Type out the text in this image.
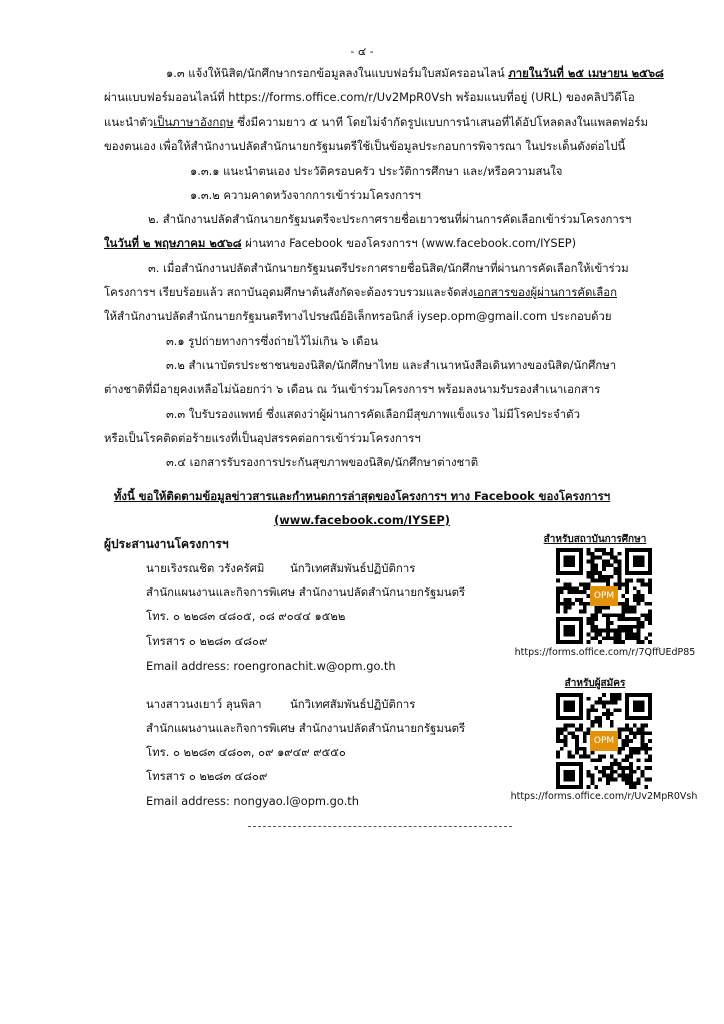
- ๔ -
๑.๓ แจ้งให้นิสิต/นักศึกษากรอกข้อมูลลงในแบบฟอร์มใบสมัครออนไลน์ ภายในวันที่ ๒๕ เมษายน ๒๕๖๘
ผ่านแบบฟอร์มออนไลน์ที่ https://forms.office.com/r/Uv2MpR0Vsh พร้อมแนบที่อยู่ (URL) ของคลิปวิดีโอ
แนะนำตัวเป็นภาษาอังกฤษ ซึ่งมีความยาว ๕ นาที โดยไม่จำกัดรูปแบบการนำเสนอที่ได้อัปโหลดลงในแพลตฟอร์ม
ของตนเอง เพื่อให้สำนักงานปลัดสำนักนายกรัฐมนตรีใช้เป็นข้อมูลประกอบการพิจารณา ในประเด็นดังต่อไปนี้
๑.๓.๑ แนะนำตนเอง ประวัติครอบครัว ประวัติการศึกษา และ/หรือความสนใจ
๑.๓.๒ ความคาดหวังจากการเข้าร่วมโครงการฯ
๒. สำนักงานปลัดสำนักนายกรัฐมนตรีจะประกาศรายชื่อเยาวชนที่ผ่านการคัดเลือกเข้าร่วมโครงการฯ
ในวันที่ ๒ พฤษภาคม ๒๕๖๘ ผ่านทาง Facebook ของโครงการฯ (www.facebook.com/IYSEP)
๓. เมื่อสำนักงานปลัดสำนักนายกรัฐมนตรีประกาศรายชื่อนิสิต/นักศึกษาที่ผ่านการคัดเลือกให้เข้าร่วม
โครงการฯ เรียบร้อยแล้ว สถาบันอุดมศึกษาต้นสังกัดจะต้องรวบรวมและจัดส่งเอกสารของผู้ผ่านการคัดเลือก
ให้สำนักงานปลัดสำนักนายกรัฐมนตรีทางไปรษณีย์อิเล็กทรอนิกส์ iysep.opm@gmail.com ประกอบด้วย
๓.๑ รูปถ่ายทางการซึ่งถ่ายไว้ไม่เกิน ๖ เดือน
๓.๒ สำเนาบัตรประชาชนของนิสิต/นักศึกษาไทย และสำเนาหนังสือเดินทางของนิสิต/นักศึกษา
ต่างชาติที่มีอายุคงเหลือไม่น้อยกว่า ๖ เดือน ณ วันเข้าร่วมโครงการฯ พร้อมลงนามรับรองสำเนาเอกสาร
๓.๓ ใบรับรองแพทย์ ซึ่งแสดงว่าผู้ผ่านการคัดเลือกมีสุขภาพแข็งแรง ไม่มีโรคประจำตัว
หรือเป็นโรคติดต่อร้ายแรงที่เป็นอุปสรรคต่อการเข้าร่วมโครงการฯ
๓.๔ เอกสารรับรองการประกันสุขภาพของนิสิต/นักศึกษาต่างชาติ
ทั้งนี้ ขอให้ติดตามข้อมูลข่าวสารและกำหนดการล่าสุดของโครงการฯ ทาง Facebook ของโครงการฯ
(www.facebook.com/IYSEP)
ผู้ประสานงานโครงการฯ
นายเริงรณชิต วรังครัศมิ นักวิเทศสัมพันธ์ปฏิบัติการ
สำนักแผนงานและกิจการพิเศษ สำนักงานปลัดสำนักนายกรัฐมนตรี
โทร. ๐ ๒๒๘๓ ๔๘๐๕, ๐๘ ๙๐๔๔ ๑๕๒๒
โทรสาร ๐ ๒๒๘๓ ๔๘๐๙
Email address: roengronachit.w@opm.go.th
นางสาวนงเยาว์ ลุนพิลา	นักวิเทศสัมพันธ์ปฏิบัติการ
สำนักแผนงานและกิจการพิเศษ สำนักงานปลัดสำนักนายกรัฐมนตรี
โทร. ๐ ๒๒๘๓ ๔๘๐๓, ๐๙ ๑๙๔๙ ๙๕๕๐
โทรสาร ๐ ๒๒๘๓ ๔๘๐๙
Email address: nongyao.l@opm.go.th
สำหรับสถาบันการศึกษา
OPM
https://forms.office.com/r/7QffUEdP85
สำหรับผู้สมัคร
OPM
https://forms.office.com/r/Uv2MpR0Vsh
